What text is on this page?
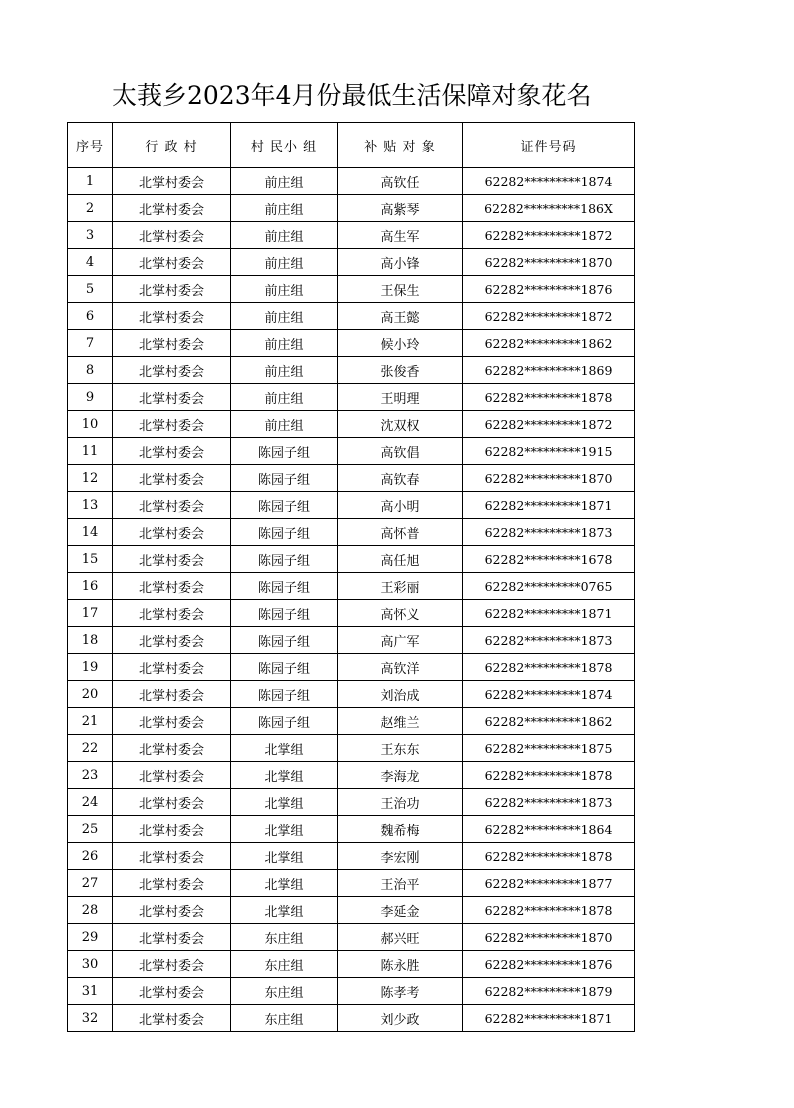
太莪乡2023年4月份最低生活保障对象花名
序号	行 政 村	村 民小 组	补 贴 对 象	证件号码
1	北掌村委会	前庄组	高钦任	62282*********1874
2	北掌村委会	前庄组	高紫琴	62282*********186X
3	北掌村委会	前庄组	高生军	62282*********1872
4	北掌村委会	前庄组	高小锋	62282*********1870
5	北掌村委会	前庄组	王保生	62282*********1876
6	北掌村委会	前庄组	高王懿	62282*********1872
7	北掌村委会	前庄组	候小玲	62282*********1862
8	北掌村委会	前庄组	张俊香	62282*********1869
9	北掌村委会	前庄组	王明理	62282*********1878
10	北掌村委会	前庄组	沈双权	62282*********1872
11	北掌村委会	陈园子组	高钦倡	62282*********1915
12	北掌村委会	陈园子组	高钦春	62282*********1870
13	北掌村委会	陈园子组	高小明	62282*********1871
14	北掌村委会	陈园子组	高怀普	62282*********1873
15	北掌村委会	陈园子组	高任旭	62282*********1678
16	北掌村委会	陈园子组	王彩丽	62282*********0765
17	北掌村委会	陈园子组	高怀义	62282*********1871
18	北掌村委会	陈园子组	高广军	62282*********1873
19	北掌村委会	陈园子组	高钦洋	62282*********1878
20	北掌村委会	陈园子组	刘治成	62282*********1874
21	北掌村委会	陈园子组	赵维兰	62282*********1862
22	北掌村委会	北掌组	王东东	62282*********1875
23	北掌村委会	北掌组	李海龙	62282*********1878
24	北掌村委会	北掌组	王治功	62282*********1873
25	北掌村委会	北掌组	魏希梅	62282*********1864
26	北掌村委会	北掌组	李宏刚	62282*********1878
27	北掌村委会	北掌组	王治平	62282*********1877
28	北掌村委会	北掌组	李延金	62282*********1878
29	北掌村委会	东庄组	郝兴旺	62282*********1870
30	北掌村委会	东庄组	陈永胜	62282*********1876
31	北掌村委会	东庄组	陈孝考	62282*********1879
32	北掌村委会	东庄组	刘少政	62282*********1871
